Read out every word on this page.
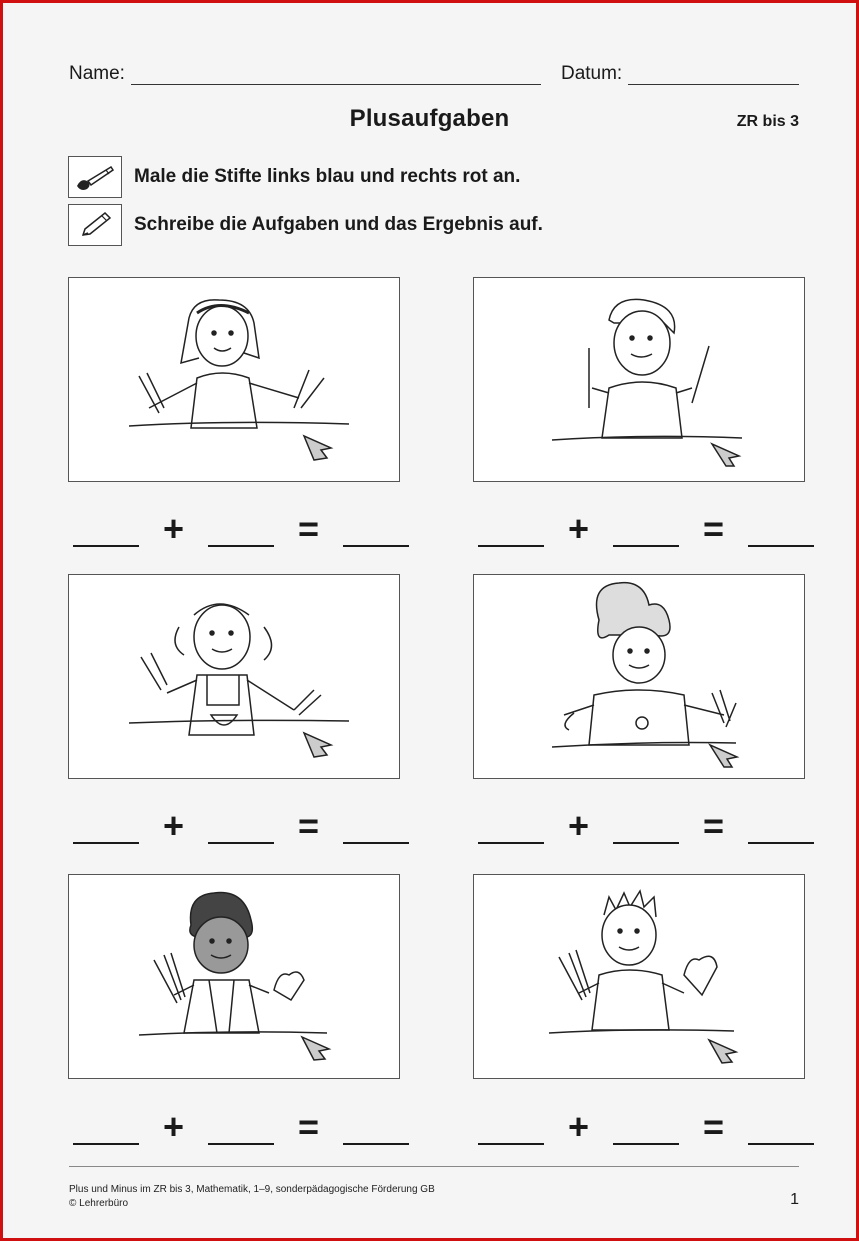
Name:	Datum:
Plusaufgaben	ZR bis 3
Male die Stifte links blau und rechts rot an.
Schreibe die Aufgaben und das Ergebnis auf.
+	=	+	=
+	=	+	=
+	=	+	=
Plus und Minus im ZR bis 3, Mathematik, 1–9, sonderpädagogische Förderung GB
© Lehrerbüro	1
